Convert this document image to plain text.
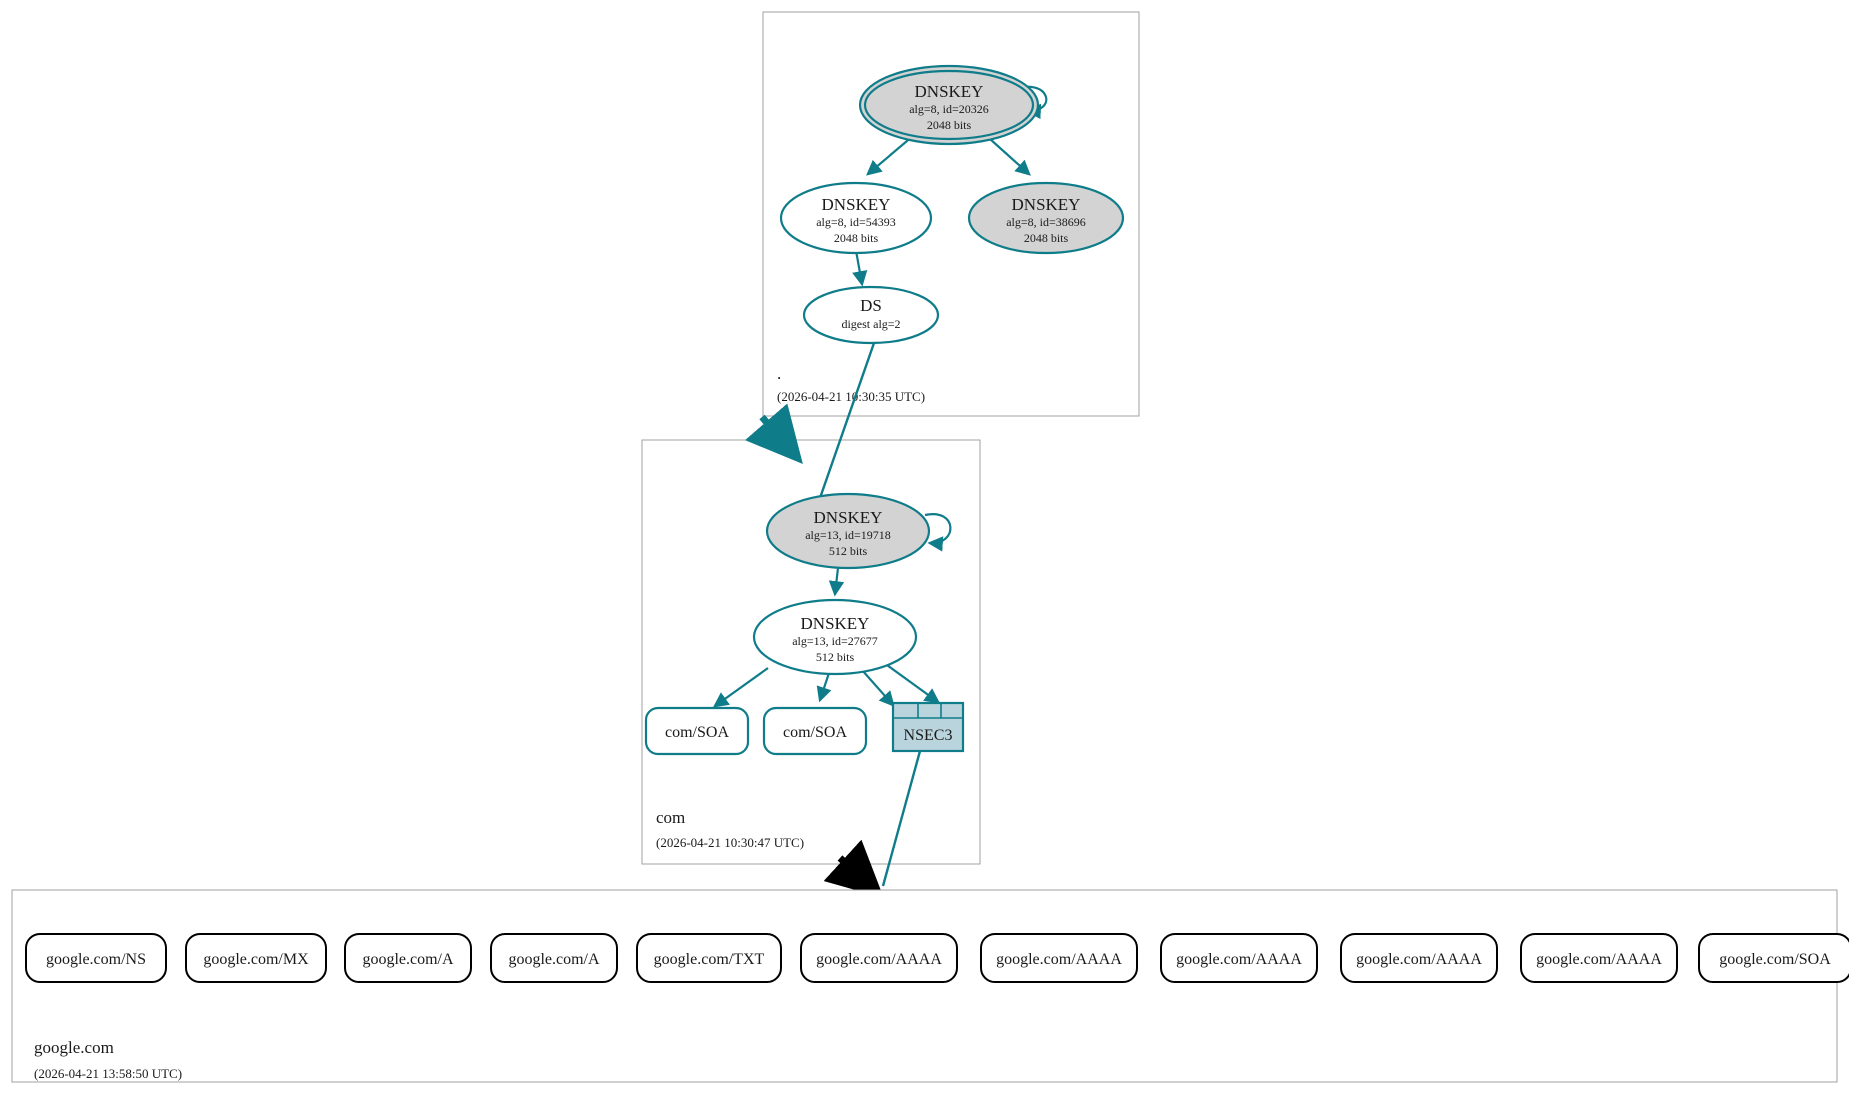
.
(2026-04-21 10:30:35 UTC)
DNSKEY
alg=8, id=20326
2048 bits
DNSKEY
alg=8, id=54393
2048 bits
DNSKEY
alg=8, id=38696
2048 bits
DS
digest alg=2
com
(2026-04-21 10:30:47 UTC)
DNSKEY
alg=13, id=19718
512 bits
DNSKEY
alg=13, id=27677
512 bits
com/SOA	com/SOA	NSEC3
google.com
(2026-04-21 13:58:50 UTC)
google.com/NS	google.com/MX	google.com/A	google.com/A	google.com/TXT	google.com/AAAA	google.com/AAAA	google.com/AAAA	google.com/AAAA	google.com/AAAA	google.com/SOA
